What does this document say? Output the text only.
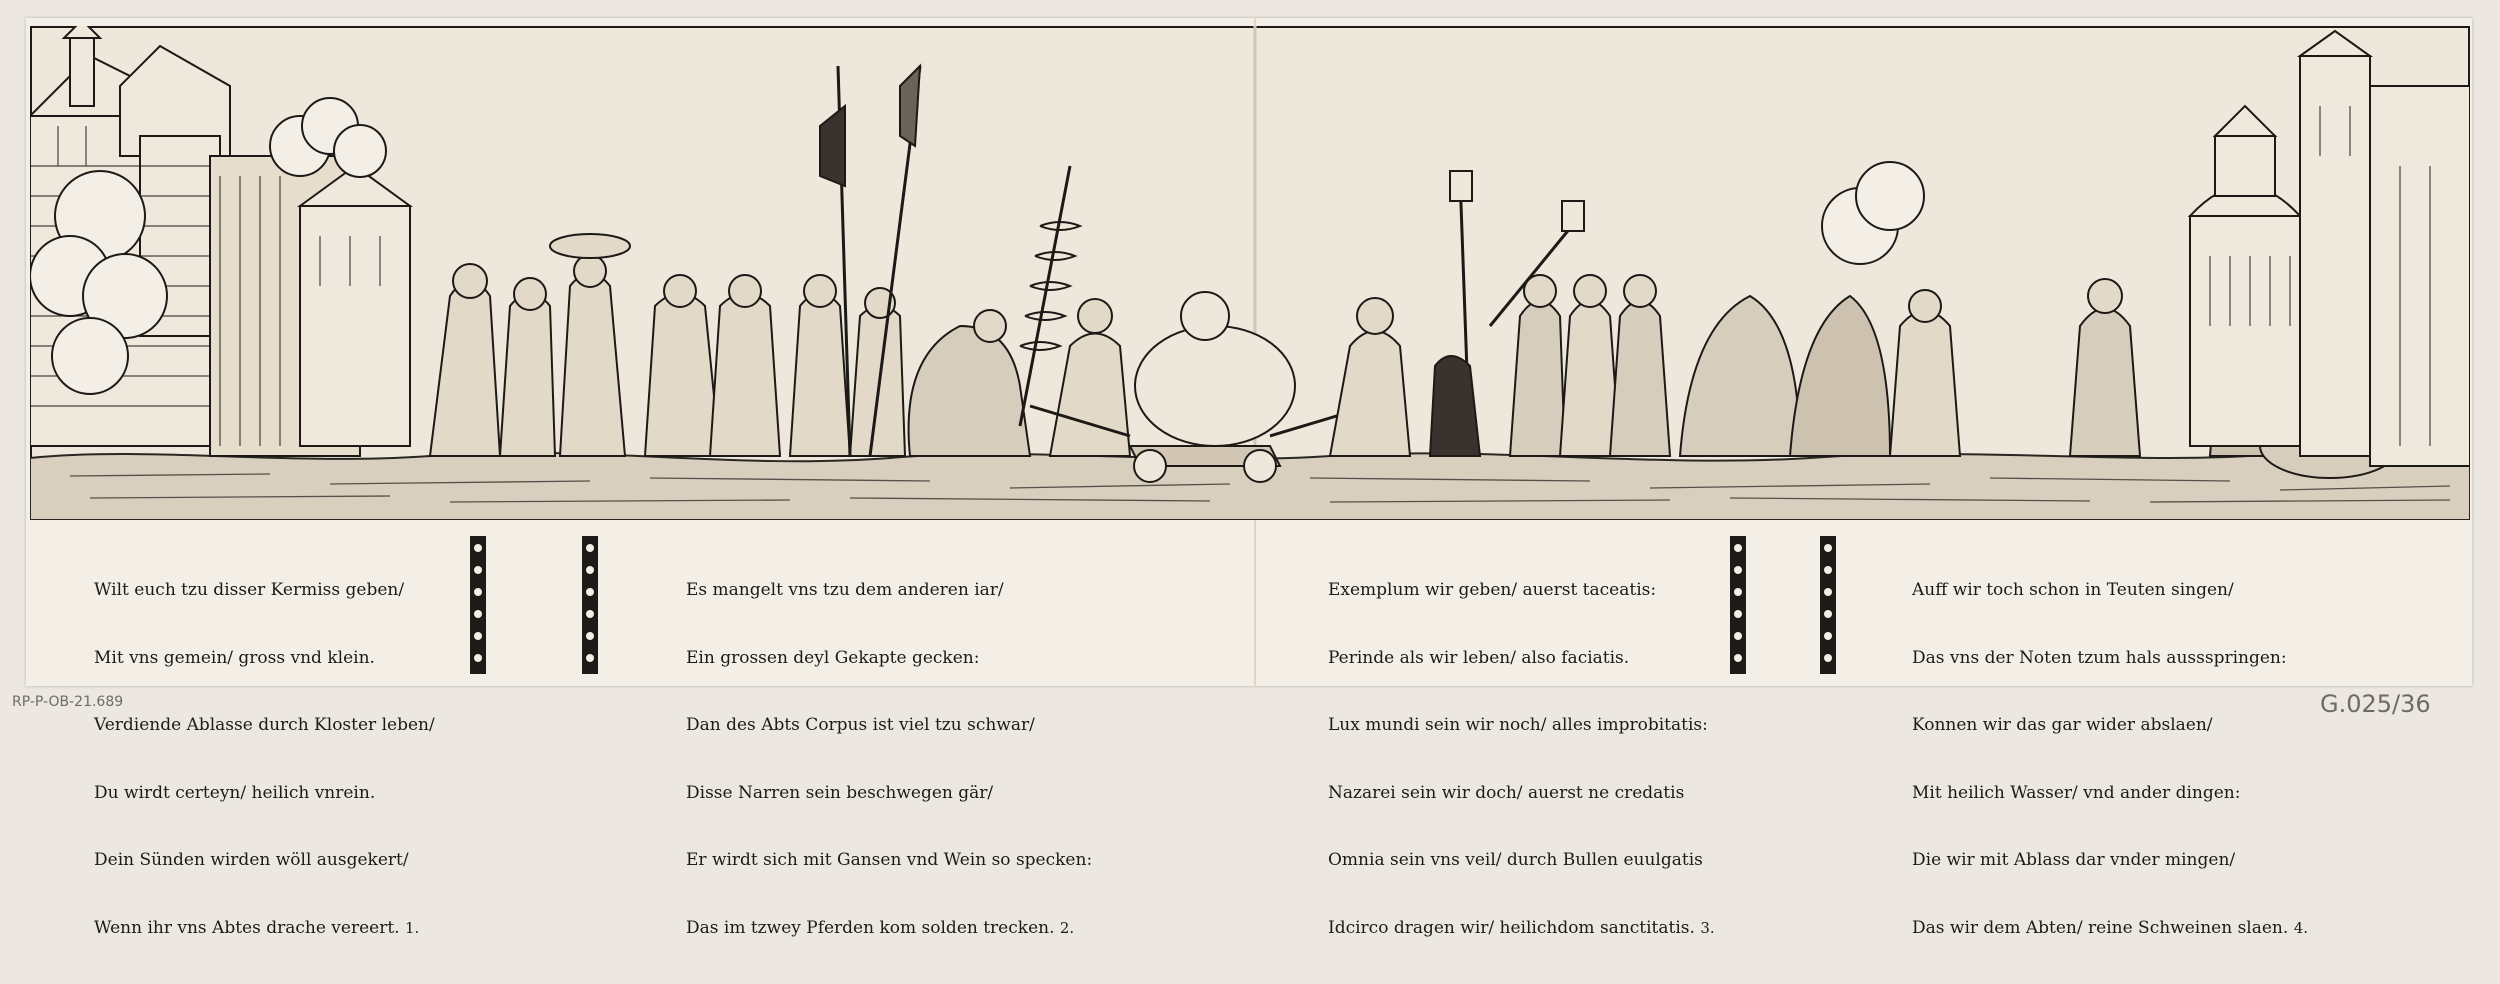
Wilt euch tzu disser Kermiss geben/

Mit vns gemein/ gross vnd klein.

Verdiende Ablasse durch Kloster leben/

Du wirdt certeyn/ heilich vnrein.

Dein Sünden wirden wöll ausgekert/

Wenn ihr vns Abtes drache vereert. 1.

Es mangelt vns tzu dem anderen iar/

Ein grossen deyl Gekapte gecken:

Dan des Abts Corpus ist viel tzu schwar/

Disse Narren sein beschwegen gär/

Er wirdt sich mit Gansen vnd Wein so specken:

Das im tzwey Pferden kom solden trecken. 2.

Exemplum wir geben/ auerst taceatis:

Perinde als wir leben/ also faciatis.

Lux mundi sein wir noch/ alles improbitatis:

Nazarei sein wir doch/ auerst ne credatis

Omnia sein vns veil/ durch Bullen euulgatis

Idcirco dragen wir/ heilichdom sanctitatis. 3.

Auff wir toch schon in Teuten singen/

Das vns der Noten tzum hals aussspringen:

Konnen wir das gar wider abslaen/

Mit heilich Wasser/ vnd ander dingen:

Die wir mit Ablass dar vnder mingen/

Das wir dem Abten/ reine Schweinen slaen. 4.

RP-P-OB-21.689	G.025/36
